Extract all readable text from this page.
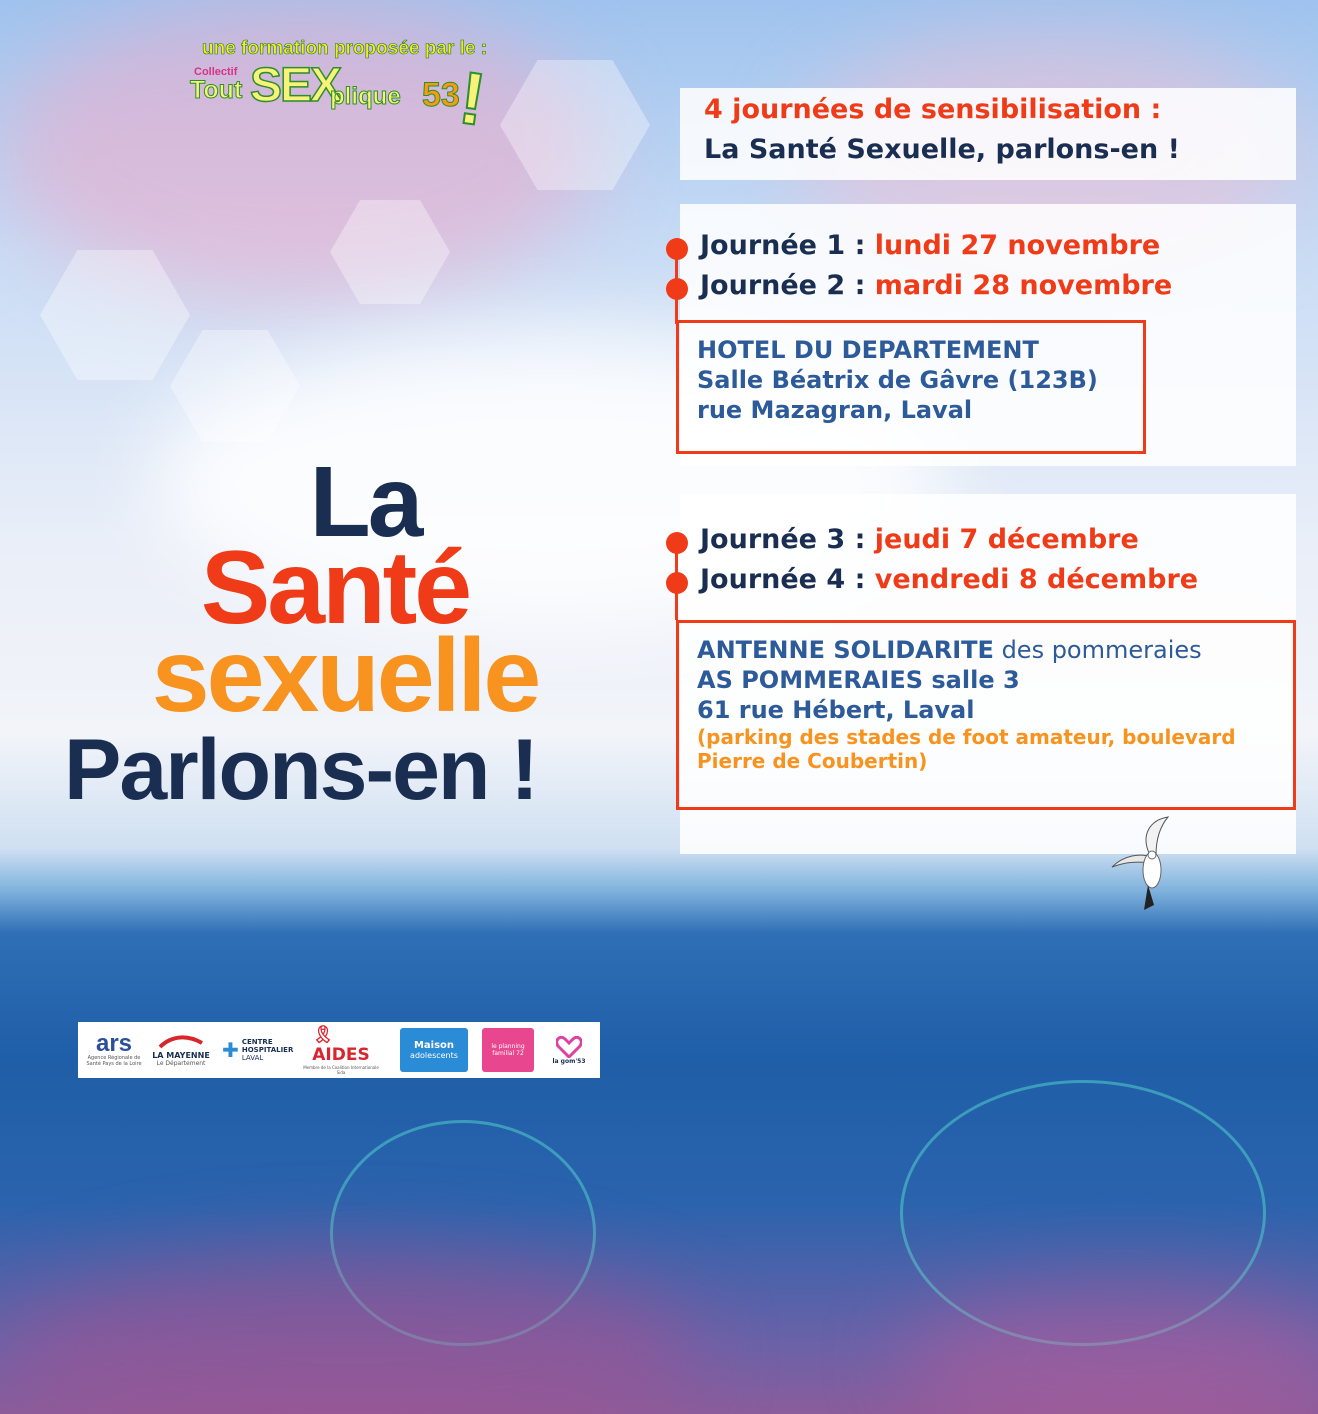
une formation proposée par le :
Collectif
Tout SEX
plique 53
!
La
Santé
sexuelle
Parlons-en !
4 journées de sensibilisation :
La Santé Sexuelle, parlons-en !
Journée 1 : lundi 27 novembre
Journée 2 : mardi 28 novembre
HOTEL DU DEPARTEMENT
Salle Béatrix de Gâvre (123B)
rue Mazagran, Laval
Journée 3 : jeudi 7 décembre
Journée 4 : vendredi 8 décembre
ANTENNE SOLIDARITE des pommeraies
AS POMMERAIES salle 3
61 rue Hébert, Laval
(parking des stades de foot amateur, boulevard Pierre de Coubertin)
ars
Agence Régionale de Santé Pays de la Loire
LA MAYENNE
Le Département
✚ CENTRE HOSPITALIER
LAVAL
🎗
AIDES
Membre de la Coalition Internationale Sida
Maison
adolescents
le planning familial 72
la gom'53
